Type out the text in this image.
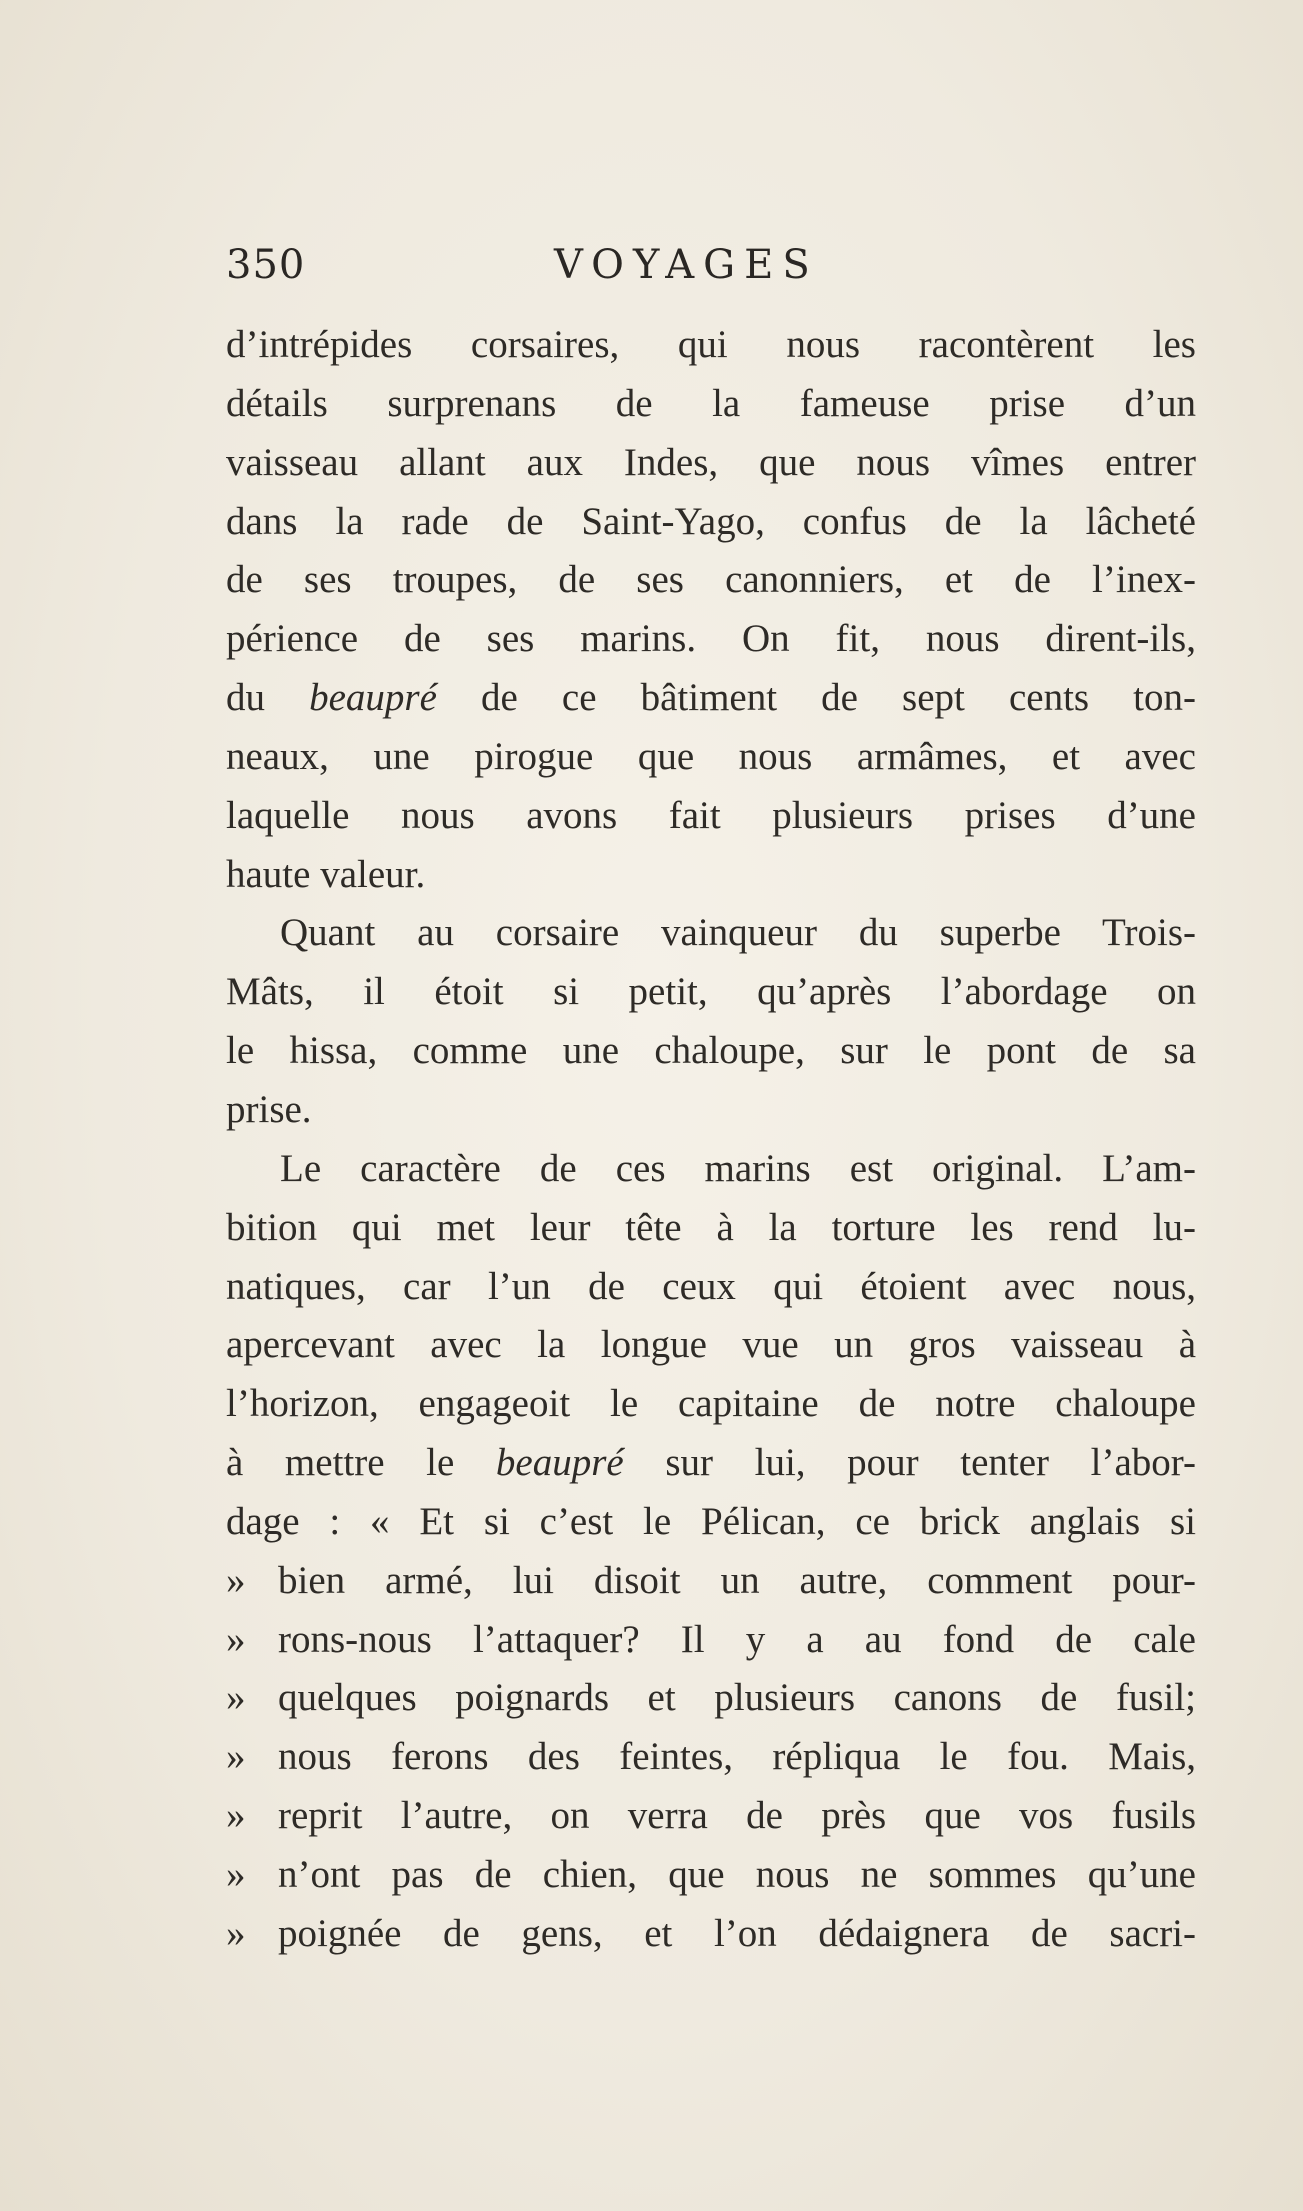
350	VOYAGES
d’intrépides corsaires, qui nous racontèrent les
détails surprenans de la fameuse prise d’un
vaisseau allant aux Indes, que nous vîmes entrer
dans la rade de Saint-Yago, confus de la lâcheté
de ses troupes, de ses canonniers, et de l’inex-
périence de ses marins. On fit, nous dirent-ils,
du beaupré de ce bâtiment de sept cents ton-
neaux, une pirogue que nous armâmes, et avec
laquelle nous avons fait plusieurs prises d’une
haute valeur.
Quant au corsaire vainqueur du superbe Trois-
Mâts, il étoit si petit, qu’après l’abordage on
le hissa, comme une chaloupe, sur le pont de sa
prise.
Le caractère de ces marins est original. L’am-
bition qui met leur tête à la torture les rend lu-
natiques, car l’un de ceux qui étoient avec nous,
apercevant avec la longue vue un gros vaisseau à
l’horizon, engageoit le capitaine de notre chaloupe
à mettre le beaupré sur lui, pour tenter l’abor-
dage : « Et si c’est le Pélican, ce brick anglais si
» bien armé, lui disoit un autre, comment pour-
» rons-nous l’attaquer? Il y a au fond de cale
» quelques poignards et plusieurs canons de fusil;
» nous ferons des feintes, répliqua le fou. Mais,
» reprit l’autre, on verra de près que vos fusils
» n’ont pas de chien, que nous ne sommes qu’une
» poignée de gens, et l’on dédaignera de sacri-
